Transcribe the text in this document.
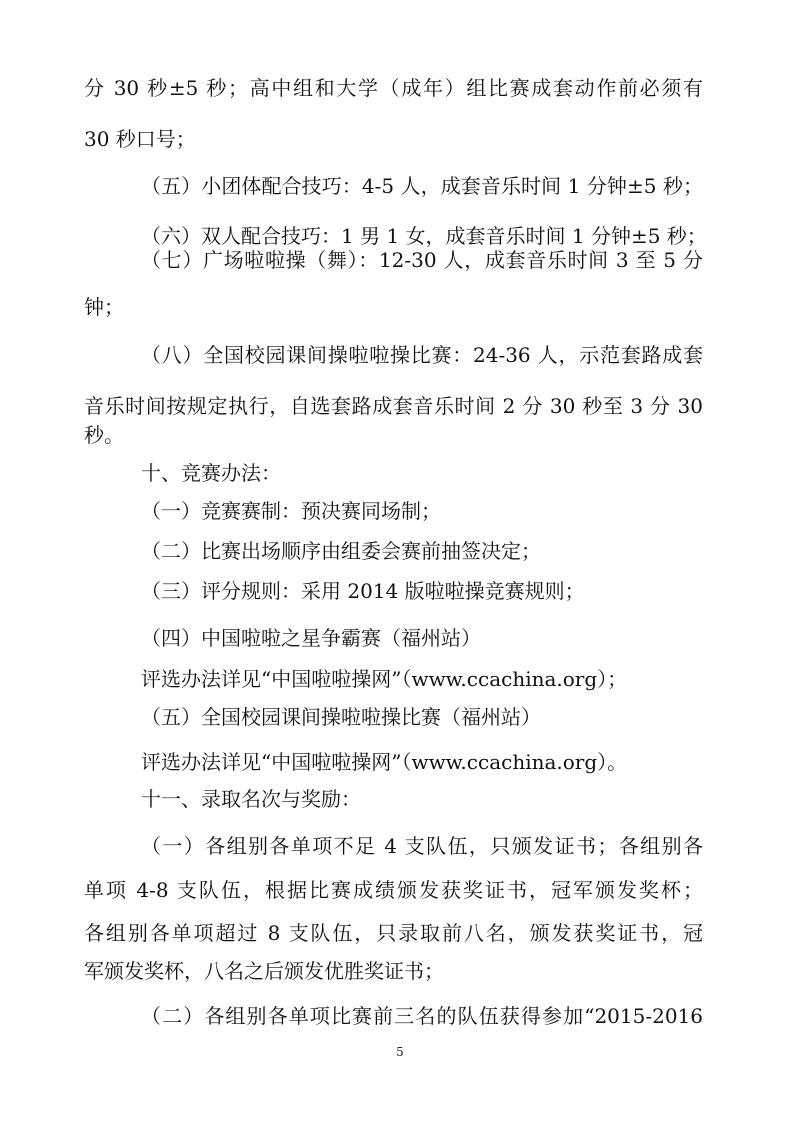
分 30 秒±5 秒；高中组和大学（成年）组比赛成套动作前必须有
30 秒口号；
（五）小团体配合技巧：4-5 人，成套音乐时间 1 分钟±5 秒；
（六）双人配合技巧：1 男 1 女，成套音乐时间 1 分钟±5 秒；
（七）广场啦啦操（舞）：12-30 人，成套音乐时间 3 至 5 分
钟；
（八）全国校园课间操啦啦操比赛：24-36 人，示范套路成套
音乐时间按规定执行，自选套路成套音乐时间 2 分 30 秒至 3 分 30
秒。
十、竞赛办法：
（一）竞赛赛制：预决赛同场制；
（二）比赛出场顺序由组委会赛前抽签决定；
（三）评分规则：采用 2014 版啦啦操竞赛规则；
（四）中国啦啦之星争霸赛（福州站）
评选办法详见“中国啦啦操网”（www.ccachina.org）；
（五）全国校园课间操啦啦操比赛（福州站）
评选办法详见“中国啦啦操网”（www.ccachina.org）。
十一、录取名次与奖励：
（一）各组别各单项不足 4 支队伍，只颁发证书；各组别各
单项 4-8 支队伍，根据比赛成绩颁发获奖证书，冠军颁发奖杯；
各组别各单项超过 8 支队伍，只录取前八名，颁发获奖证书，冠
军颁发奖杯，八名之后颁发优胜奖证书；
（二）各组别各单项比赛前三名的队伍获得参加“2015-2016
5
